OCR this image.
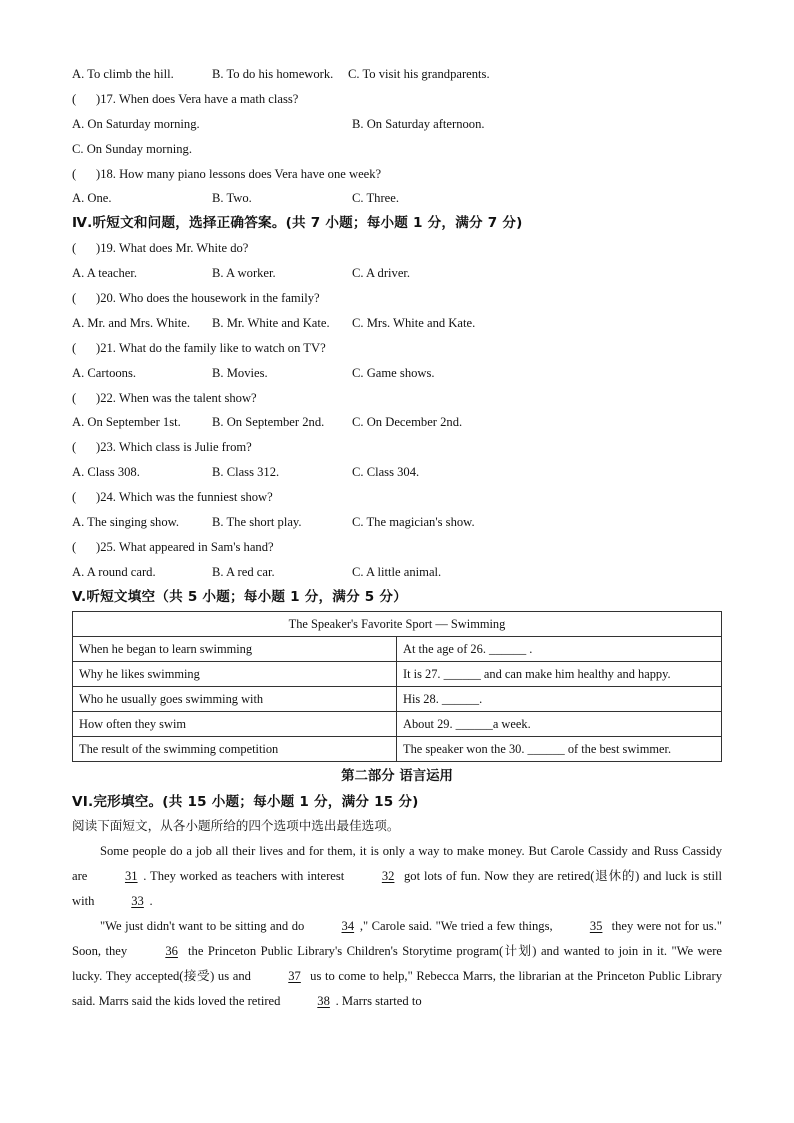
A. To climb the hill.	B. To do his homework. C. To visit his grandparents.
( )17. When does Vera have a math class?
A. On Saturday morning.	B. On Saturday afternoon.
C. On Sunday morning.
( )18. How many piano lessons does Vera have one week?
A. One.	B. Two.	C. Three.
Ⅳ.听短文和问题，选择正确答案。(共 7 小题；每小题 1 分，满分 7 分)
( )19. What does Mr. White do?
A. A teacher.	B. A worker.	C. A driver.
( )20. Who does the housework in the family?
A. Mr. and Mrs. White. B. Mr. White and Kate. C. Mrs. White and Kate.
( )21. What do the family like to watch on TV?
A. Cartoons.	B. Movies.	C. Game shows.
( )22. When was the talent show?
A. On September 1st. B. On September 2nd. C. On December 2nd.
( )23. Which class is Julie from?
A. Class 308.	B. Class 312.	C. Class 304.
( )24. Which was the funniest show?
A. The singing show.	B. The short play.	C. The magician's show.
( )25. What appeared in Sam's hand?
A. A round card.	B. A red car.	C. A little animal.
V.听短文填空（共 5 小题；每小题 1 分，满分 5 分）
The Speaker's Favorite Sport — Swimming	
When he began to learn swimming	At the age of 26. ______ .
Why he likes swimming	It is 27. ______ and can make him healthy and happy.
Who he usually goes swimming with	His 28. ______.
How often they swim	About 29. ______a week.
The result of the swimming competition	The speaker won the 30. ______ of the best swimmer.
第二部分 语言运用
VI.完形填空。(共 15 小题；每小题 1 分，满分 15 分)
阅读下面短文，从各小题所给的四个选项中选出最佳选项。

Some people do a job all their lives and for them, it is only a way to make money. But Carole Cassidy and Russ Cassidy are	31 . They worked as teachers with interest	32 got lots of fun. Now they are retired(退休的) and luck is still with	33 .

"We just didn't want to be sitting and do	34 ," Carole said. "We tried a few things,	35 they were not for us." Soon, they	36 the Princeton Public Library's Children's Storytime program(计划) and wanted to join in it. "We were lucky. They accepted(接受) us and	37 us to come to help," Rebecca Marrs, the librarian at the Princeton Public Library said. Marrs said the kids loved the retired	38 . Marrs started to
